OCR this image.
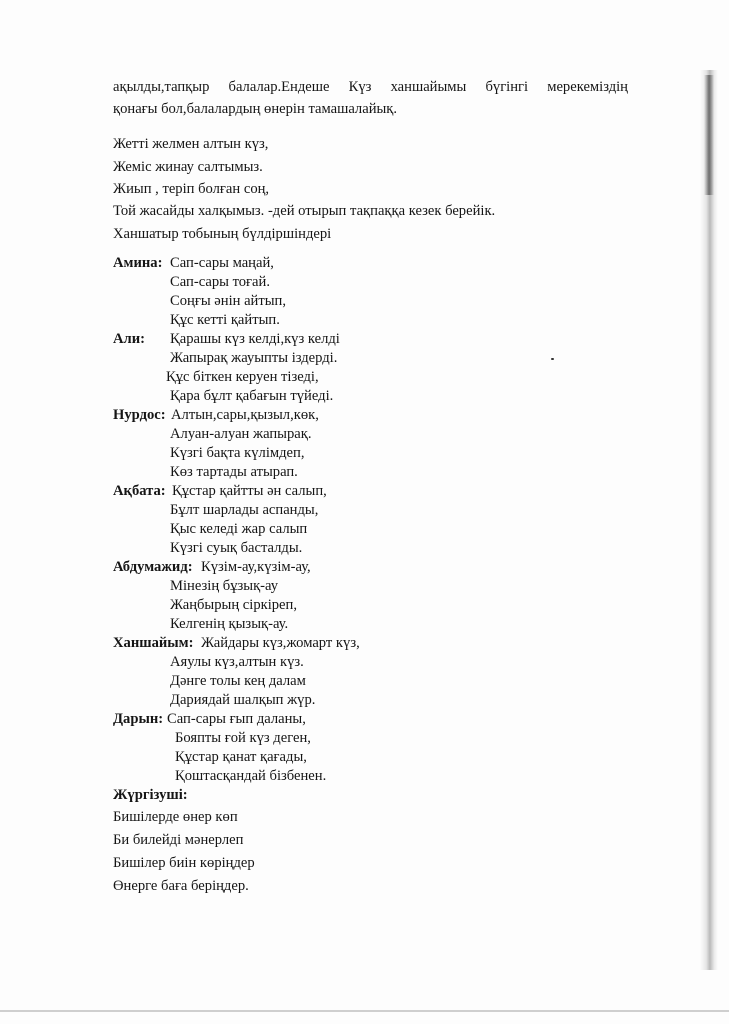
ақылды,тапқыр балалар.Ендеше Күз ханшайымы бүгінгі мерекеміздің
қонағы бол,балалардың өнерін тамашалайық.
Жетті желмен алтын күз,
Жеміс жинау салтымыз.
Жиып , теріп болған соң,
Той жасайды халқымыз. -дей отырып тақпаққа кезек берейік.
Ханшатыр тобының бүлдіршіндері
Амина: Сап-сары маңай,
Сап-сары тоғай.
Соңғы әнін айтып,
Құс кетті қайтып.
Али: Қарашы күз келді,күз келді
Жапырақ жауыпты іздерді.
Құс біткен керуен тізеді,
Қара бұлт қабағын түйеді.
Нурдос: Алтын,сары,қызыл,көк,
Алуан-алуан жапырақ.
Күзгі бақта күлімдеп,
Көз тартады атырап.
Ақбата: Құстар қайтты ән салып,
Бұлт шарлады аспанды,
Қыс келеді жар салып
Күзгі суық басталды.
Абдумажид: Күзім-ау,күзім-ау,
Мінезің бұзық-ау
Жаңбырың сіркіреп,
Келгенің қызық-ау.
Ханшайым: Жайдары күз,жомарт күз,
Аяулы күз,алтын күз.
Дәнге толы кең далам
Дариядай шалқып жүр.
Дарын: Сап-сары ғып даланы,
Бояпты ғой күз деген,
Құстар қанат қағады,
Қоштасқандай бізбенен.
Жүргізуші:
Бишілерде өнер көп
Би билейді мәнерлеп
Бишілер биін көріңдер
Өнерге баға беріңдер.
